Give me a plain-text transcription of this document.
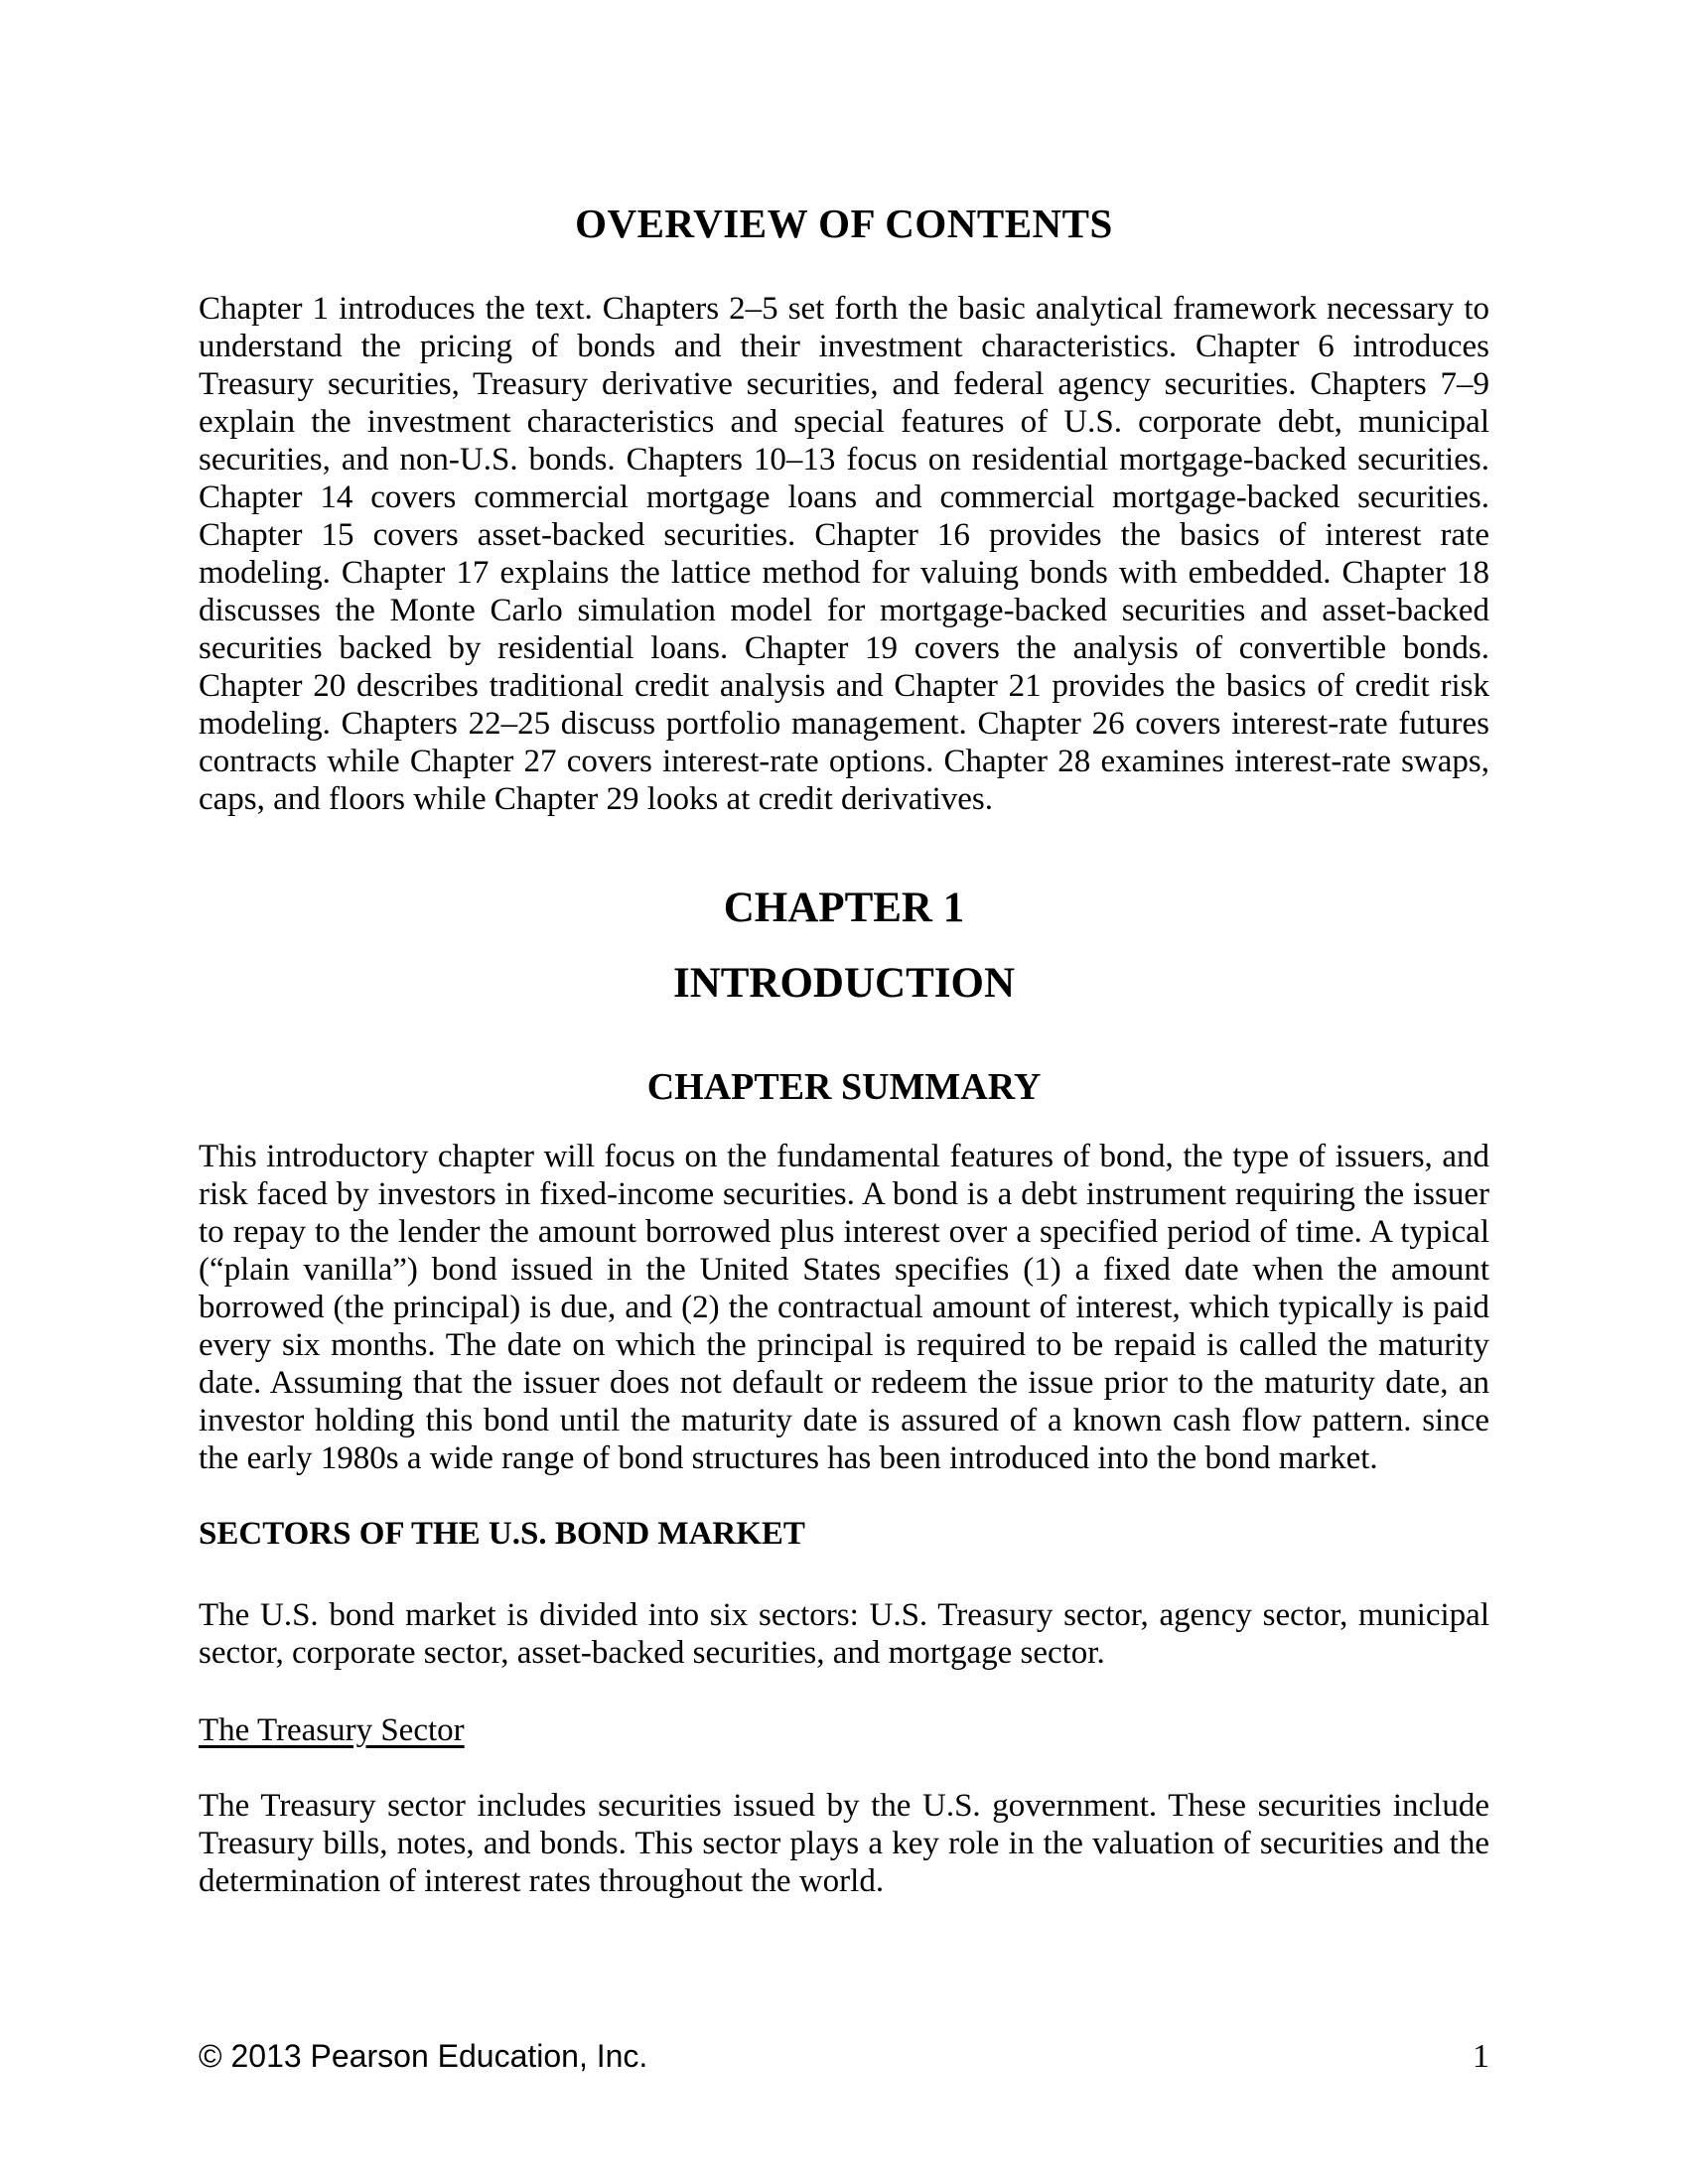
OVERVIEW OF CONTENTS

Chapter 1 introduces the text. Chapters 2–5 set forth the basic analytical framework necessary to understand the pricing of bonds and their investment characteristics. Chapter 6 introduces Treasury securities, Treasury derivative securities, and federal agency securities. Chapters 7–9 explain the investment characteristics and special features of U.S. corporate debt, municipal securities, and non-U.S. bonds. Chapters 10–13 focus on residential mortgage-backed securities. Chapter 14 covers commercial mortgage loans and commercial mortgage-backed securities. Chapter 15 covers asset-backed securities. Chapter 16 provides the basics of interest rate modeling. Chapter 17 explains the lattice method for valuing bonds with embedded. Chapter 18 discusses the Monte Carlo simulation model for mortgage-backed securities and asset-backed securities backed by residential loans. Chapter 19 covers the analysis of convertible bonds. Chapter 20 describes traditional credit analysis and Chapter 21 provides the basics of credit risk modeling. Chapters 22–25 discuss portfolio management. Chapter 26 covers interest-rate futures contracts while Chapter 27 covers interest-rate options. Chapter 28 examines interest-rate swaps, caps, and floors while Chapter 29 looks at credit derivatives.

CHAPTER 1
INTRODUCTION
CHAPTER SUMMARY

This introductory chapter will focus on the fundamental features of bond, the type of issuers, and risk faced by investors in fixed-income securities. A bond is a debt instrument requiring the issuer to repay to the lender the amount borrowed plus interest over a specified period of time. A typical (“plain vanilla”) bond issued in the United States specifies (1) a fixed date when the amount borrowed (the principal) is due, and (2) the contractual amount of interest, which typically is paid every six months. The date on which the principal is required to be repaid is called the maturity date. Assuming that the issuer does not default or redeem the issue prior to the maturity date, an investor holding this bond until the maturity date is assured of a known cash flow pattern. since the early 1980s a wide range of bond structures has been introduced into the bond market.

SECTORS OF THE U.S. BOND MARKET

The U.S. bond market is divided into six sectors: U.S. Treasury sector, agency sector, municipal sector, corporate sector, asset-backed securities, and mortgage sector.

The Treasury Sector

The Treasury sector includes securities issued by the U.S. government. These securities include Treasury bills, notes, and bonds. This sector plays a key role in the valuation of securities and the determination of interest rates throughout the world.

© 2013 Pearson Education, Inc.	1
